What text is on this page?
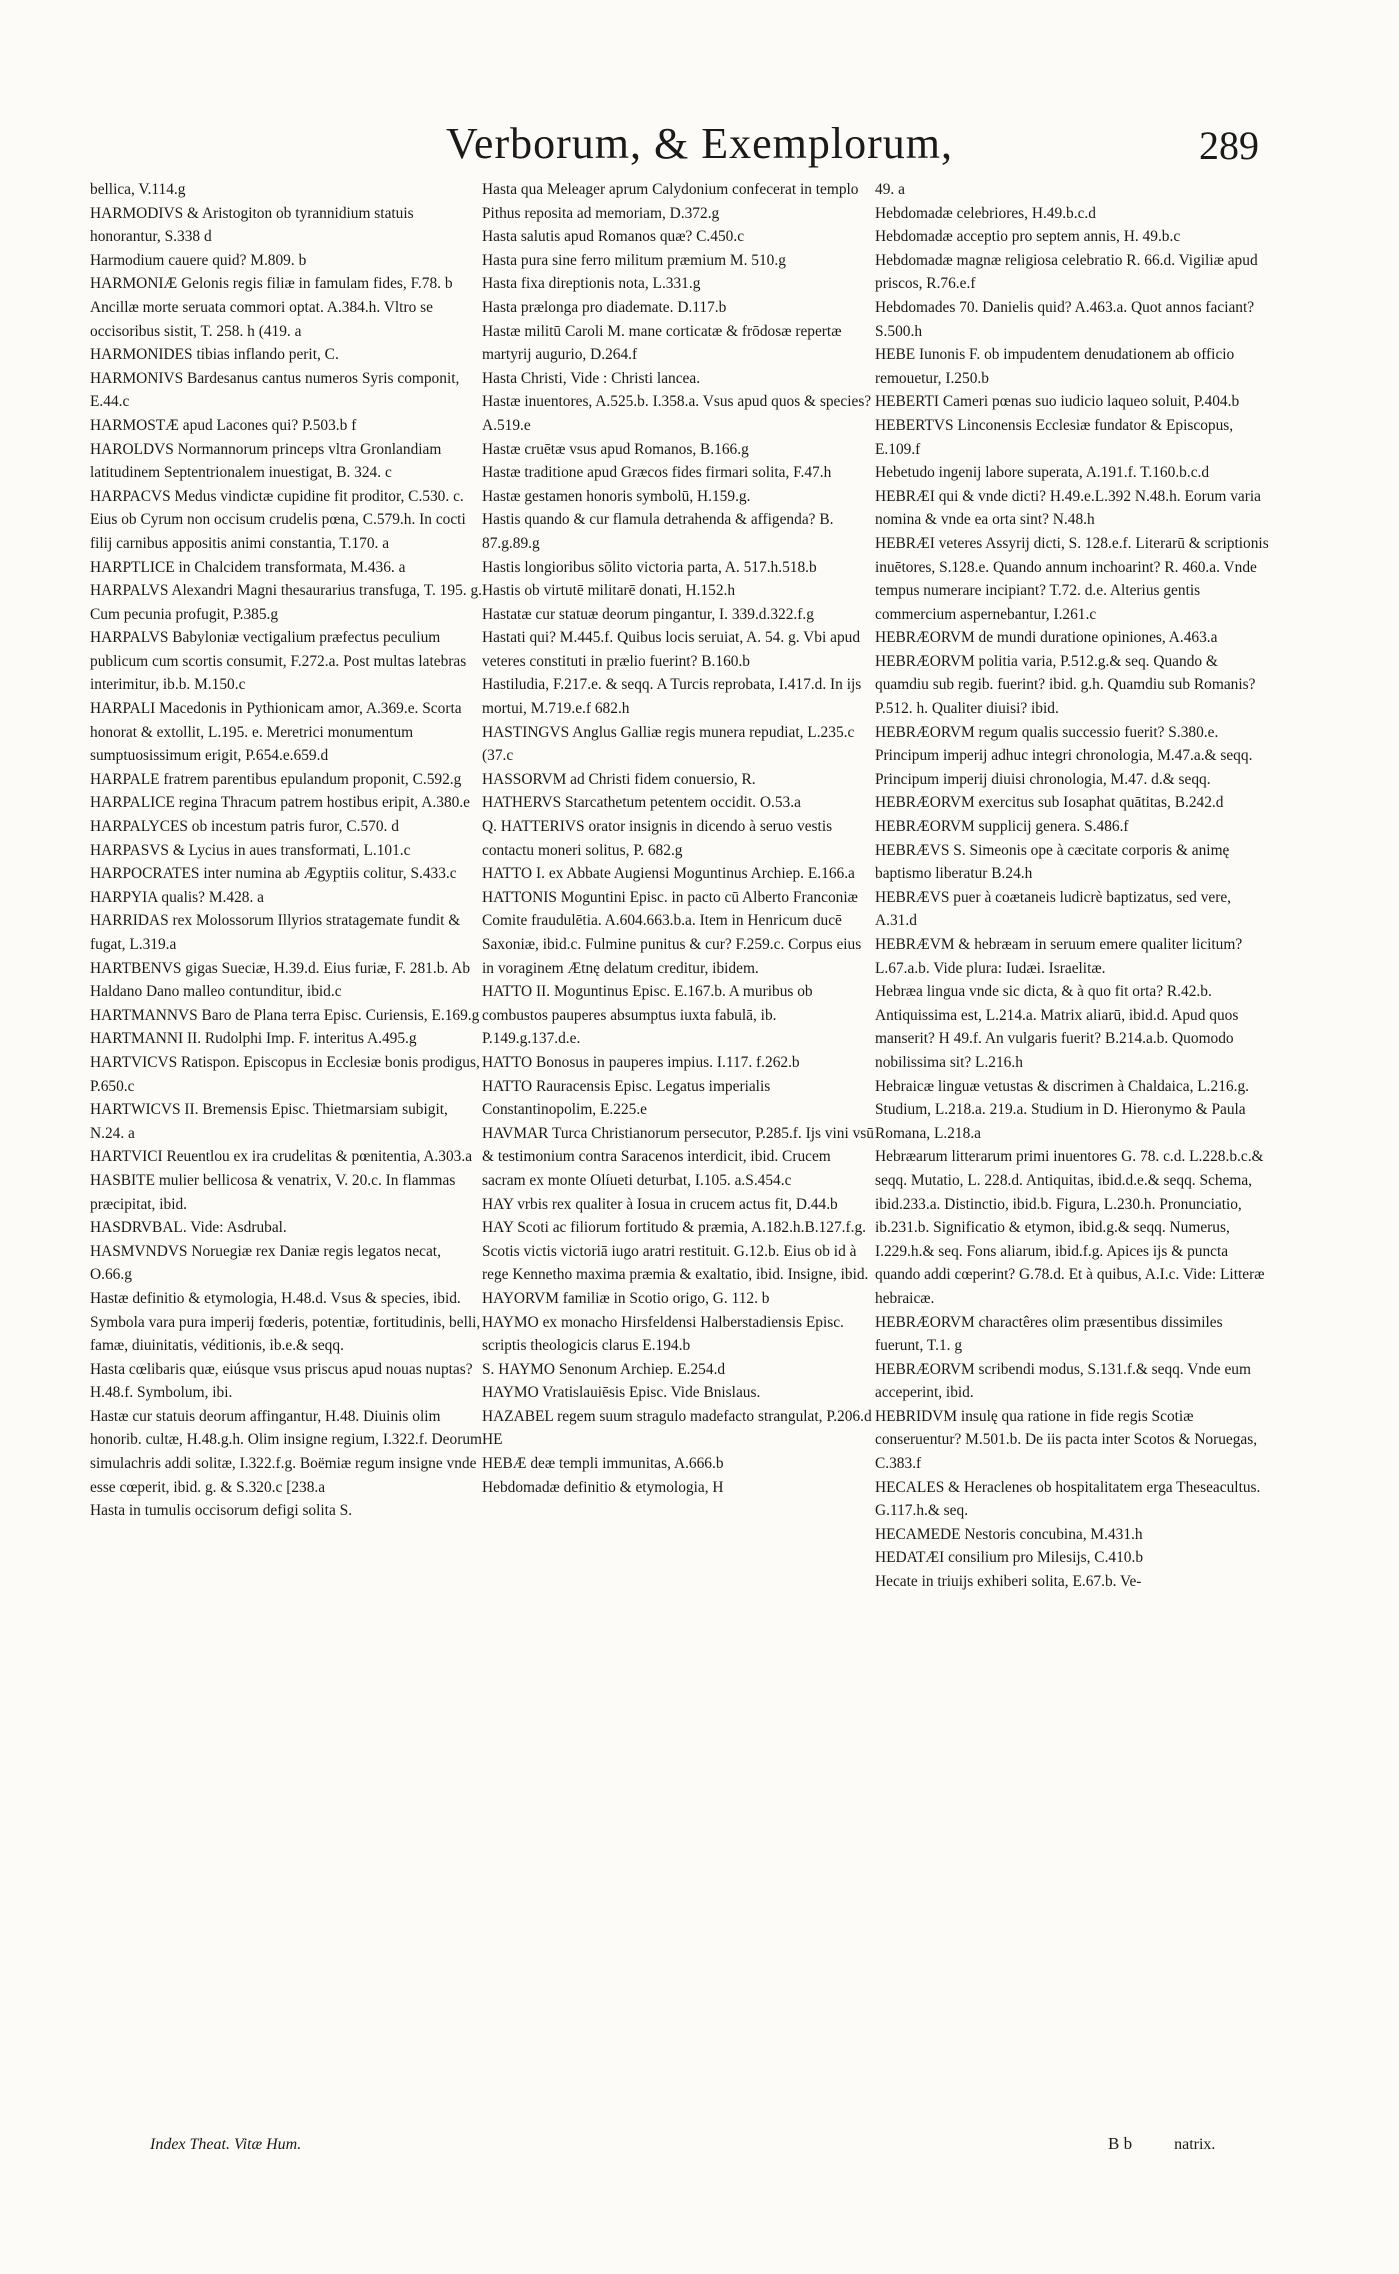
Verborum, & Exemplorum,	289

bellica, V.114.g

HARMODIVS & Aristogiton ob tyrannidium statuis honorantur, S.338 d

Harmodium cauere quid? M.809. b

HARMONIÆ Gelonis regis filiæ in famulam fides, F.78. b Ancillæ morte seruata commori optat. A.384.h. Vltro se occisoribus sistit, T. 258. h (419. a

HARMONIDES tibias inflando perit, C.

HARMONIVS Bardesanus cantus numeros Syris componit, E.44.c

HARMOSTÆ apud Lacones qui? P.503.b f

HAROLDVS Normannorum princeps vltra Gronlandiam latitudinem Septentrionalem inuestigat, B. 324. c

HARPACVS Medus vindictæ cupidine fit proditor, C.530. c. Eius ob Cyrum non occisum crudelis pœna, C.579.h. In cocti filij carnibus appositis animi constantia, T.170. a

HARPTLICE in Chalcidem transformata, M.436. a

HARPALVS Alexandri Magni thesaurarius transfuga, T. 195. g. Cum pecunia profugit, P.385.g

HARPALVS Babyloniæ vectigalium præfectus peculium publicum cum scortis consumit, F.272.a. Post multas latebras interimitur, ib.b. M.150.c

HARPALI Macedonis in Pythionicam amor, A.369.e. Scorta honorat & extollit, L.195. e. Meretrici monumentum sumptuosissimum erigit, P.654.e.659.d

HARPALE fratrem parentibus epulandum proponit, C.592.g

HARPALICE regina Thracum patrem hostibus eripit, A.380.e

HARPALYCES ob incestum patris furor, C.570. d

HARPASVS & Lycius in aues transformati, L.101.c

HARPOCRATES inter numina ab Ægyptiis colitur, S.433.c

HARPYIA qualis? M.428. a

HARRIDAS rex Molossorum Illyrios stratagemate fundit & fugat, L.319.a

HARTBENVS gigas Sueciæ, H.39.d. Eius furiæ, F. 281.b. Ab Haldano Dano malleo contunditur, ibid.c

HARTMANNVS Baro de Plana terra Episc. Curiensis, E.169.g

HARTMANNI II. Rudolphi Imp. F. interitus A.495.g

HARTVICVS Ratispon. Episcopus in Ecclesiæ bonis prodigus, P.650.c

HARTWICVS II. Bremensis Episc. Thietmarsiam subigit, N.24. a

HARTVICI Reuentlou ex ira crudelitas & pœnitentia, A.303.a

HASBITE mulier bellicosa & venatrix, V. 20.c. In flammas præcipitat, ibid.

HASDRVBAL. Vide: Asdrubal.

HASMVNDVS Noruegiæ rex Daniæ regis legatos necat, O.66.g

Hastæ definitio & etymologia, H.48.d. Vsus & species, ibid. Symbola vara pura imperij fœderis, potentiæ, fortitudinis, belli, famæ, diuinitatis, véditionis, ib.e.& seqq.

Hasta cœlibaris quæ, eiúsque vsus priscus apud nouas nuptas? H.48.f. Symbolum, ibi.

Hastæ cur statuis deorum affingantur, H.48. Diuinis olim honorib. cultæ, H.48.g.h. Olim insigne regium, I.322.f. Deorum simulachris addi solitæ, I.322.f.g. Boëmiæ regum insigne vnde esse cœperit, ibid. g. & S.320.c [238.a

Hasta in tumulis occisorum defigi solita S.

Hasta qua Meleager aprum Calydonium confecerat in templo Pithus reposita ad memoriam, D.372.g

Hasta salutis apud Romanos quæ? C.450.c

Hasta pura sine ferro militum præmium M. 510.g

Hasta fixa direptionis nota, L.331.g

Hasta prælonga pro diademate. D.117.b

Hastæ militū Caroli M. mane corticatæ & frōdosæ repertæ martyrij augurio, D.264.f

Hasta Christi, Vide : Christi lancea.

Hastæ inuentores, A.525.b. I.358.a. Vsus apud quos & species? A.519.e

Hastæ cruētæ vsus apud Romanos, B.166.g

Hastæ traditione apud Græcos fides firmari solita, F.47.h

Hastæ gestamen honoris symbolū, H.159.g.

Hastis quando & cur flamula detrahenda & affigenda? B. 87.g.89.g

Hastis longioribus sōlito victoria parta, A. 517.h.518.b

Hastis ob virtutē militarē donati, H.152.h

Hastatæ cur statuæ deorum pingantur, I. 339.d.322.f.g

Hastati qui? M.445.f. Quibus locis seruiat, A. 54. g. Vbi apud veteres constituti in prælio fuerint? B.160.b

Hastiludia, F.217.e. & seqq. A Turcis reprobata, I.417.d. In ijs mortui, M.719.e.f 682.h

HASTINGVS Anglus Galliæ regis munera repudiat, L.235.c (37.c

HASSORVM ad Christi fidem conuersio, R.

HATHERVS Starcathetum petentem occidit. O.53.a

Q. HATTERIVS orator insignis in dicendo à seruo vestis contactu moneri solitus, P. 682.g

HATTO I. ex Abbate Augiensi Moguntinus Archiep. E.166.a

HATTONIS Moguntini Episc. in pacto cū Alberto Franconiæ Comite fraudulētia. A.604.663.b.a. Item in Henricum ducē Saxoniæ, ibid.c. Fulmine punitus & cur? F.259.c. Corpus eius in voraginem Ætnę delatum creditur, ibidem.

HATTO II. Moguntinus Episc. E.167.b. A muribus ob combustos pauperes absumptus iuxta fabulā, ib. P.149.g.137.d.e.

HATTO Bonosus in pauperes impius. I.117. f.262.b

HATTO Rauracensis Episc. Legatus imperialis Constantinopolim, E.225.e

HAVMAR Turca Christianorum persecutor, P.285.f. Ijs vini vsū & testimonium contra Saracenos interdicit, ibid. Crucem sacram ex monte Olíueti deturbat, I.105. a.S.454.c

HAY vrbis rex qualiter à Iosua in crucem actus fit, D.44.b

HAY Scoti ac filiorum fortitudo & præmia, A.182.h.B.127.f.g. Scotis victis victoriā iugo aratri restituit. G.12.b. Eius ob id à rege Kennetho maxima præmia & exaltatio, ibid. Insigne, ibid.

HAYORVM familiæ in Scotio origo, G. 112. b

HAYMO ex monacho Hirsfeldensi Halberstadiensis Episc. scriptis theologicis clarus E.194.b

S. HAYMO Senonum Archiep. E.254.d

HAYMO Vratislauiēsis Episc. Vide Bnislaus.

HAZABEL regem suum stragulo madefacto strangulat, P.206.d

HE

HEBÆ deæ templi immunitas, A.666.b

Hebdomadæ definitio & etymologia, H

49. a

Hebdomadæ celebriores, H.49.b.c.d

Hebdomadæ acceptio pro septem annis, H. 49.b.c

Hebdomadæ magnæ religiosa celebratio R. 66.d. Vigiliæ apud priscos, R.76.e.f

Hebdomades 70. Danielis quid? A.463.a. Quot annos faciant? S.500.h

HEBE Iunonis F. ob impudentem denudationem ab officio remouetur, I.250.b

HEBERTI Cameri pœnas suo iudicio laqueo soluit, P.404.b

HEBERTVS Linconensis Ecclesiæ fundator & Episcopus, E.109.f

Hebetudo ingenij labore superata, A.191.f. T.160.b.c.d

HEBRÆI qui & vnde dicti? H.49.e.L.392 N.48.h. Eorum varia nomina & vnde ea orta sint? N.48.h

HEBRÆI veteres Assyrij dicti, S. 128.e.f. Literarū & scriptionis inuētores, S.128.e. Quando annum inchoarint? R. 460.a. Vnde tempus numerare incipiant? T.72. d.e. Alterius gentis commercium aspernebantur, I.261.c

HEBRÆORVM de mundi duratione opiniones, A.463.a

HEBRÆORVM politia varia, P.512.g.& seq. Quando & quamdiu sub regib. fuerint? ibid. g.h. Quamdiu sub Romanis? P.512. h. Qualiter diuisi? ibid.

HEBRÆORVM regum qualis successio fuerit? S.380.e. Principum imperij adhuc integri chronologia, M.47.a.& seqq. Principum imperij diuisi chronologia, M.47. d.& seqq.

HEBRÆORVM exercitus sub Iosaphat quātitas, B.242.d

HEBRÆORVM supplicij genera. S.486.f

HEBRÆVS S. Simeonis ope à cæcitate corporis & animę baptismo liberatur B.24.h

HEBRÆVS puer à coætaneis ludicrè baptizatus, sed vere, A.31.d

HEBRÆVM & hebræam in seruum emere qualiter licitum? L.67.a.b. Vide plura: Iudæi. Israelitæ.

Hebræa lingua vnde sic dicta, & à quo fit orta? R.42.b. Antiquissima est, L.214.a. Matrix aliarū, ibid.d. Apud quos manserit? H 49.f. An vulgaris fuerit? B.214.a.b. Quomodo nobilissima sit? L.216.h

Hebraicæ linguæ vetustas & discrimen à Chaldaica, L.216.g. Studium, L.218.a. 219.a. Studium in D. Hieronymo & Paula Romana, L.218.a

Hebræarum litterarum primi inuentores G. 78. c.d. L.228.b.c.& seqq. Mutatio, L. 228.d. Antiquitas, ibid.d.e.& seqq. Schema, ibid.233.a. Distinctio, ibid.b. Figura, L.230.h. Pronunciatio, ib.231.b. Significatio & etymon, ibid.g.& seqq. Numerus, I.229.h.& seq. Fons aliarum, ibid.f.g. Apices ijs & puncta quando addi cœperint? G.78.d. Et à quibus, A.I.c. Vide: Litteræ hebraicæ.

HEBRÆORVM charactêres olim præsentibus dissimiles fuerunt, T.1. g

HEBRÆORVM scribendi modus, S.131.f.& seqq. Vnde eum acceperint, ibid.

HEBRIDVM insulę qua ratione in fide regis Scotiæ conseruentur? M.501.b. De iis pacta inter Scotos & Noruegas, C.383.f

HECALES & Heraclenes ob hospitalitatem erga Theseacultus. G.117.h.& seq.

HECAMEDE Nestoris concubina, M.431.h

HEDATÆI consilium pro Milesijs, C.410.b

Hecate in triuijs exhiberi solita, E.67.b. Ve-

Index Theat. Vitæ Hum.	B b	natrix.
